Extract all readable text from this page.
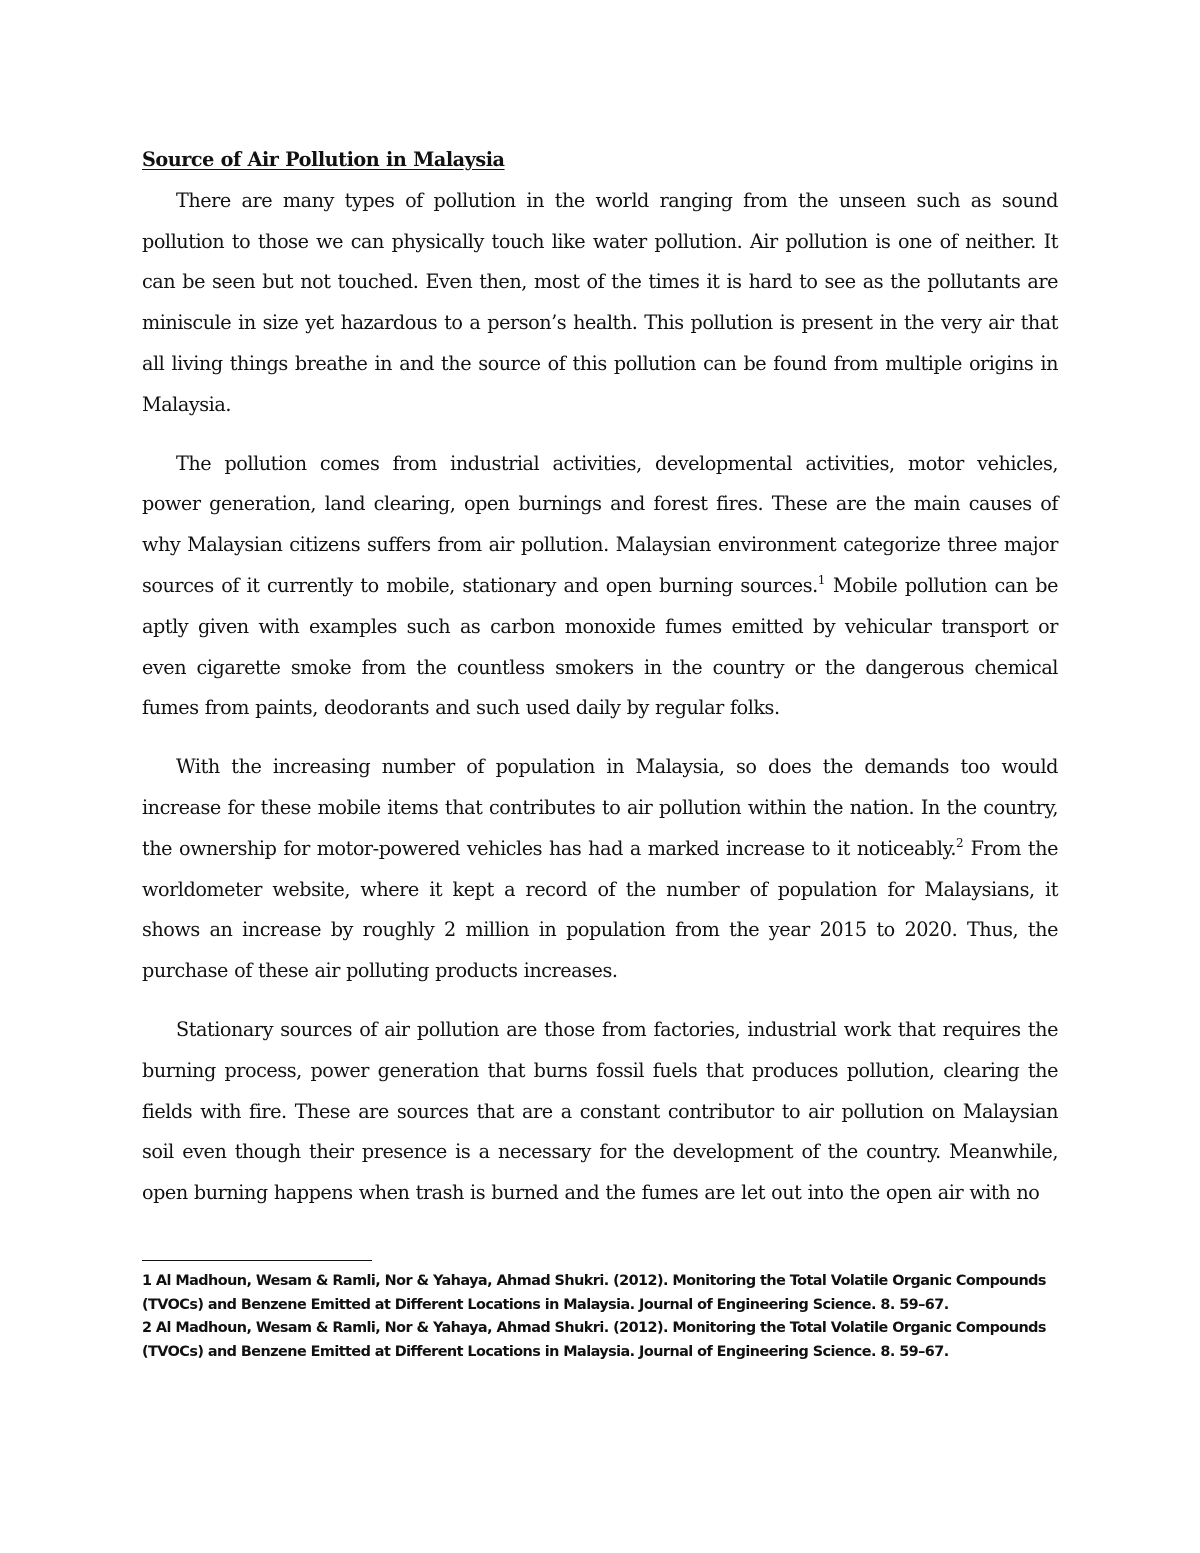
Source of Air Pollution in Malaysia

There are many types of pollution in the world ranging from the unseen such as sound pollution to those we can physically touch like water pollution. Air pollution is one of neither. It can be seen but not touched. Even then, most of the times it is hard to see as the pollutants are miniscule in size yet hazardous to a person’s health. This pollution is present in the very air that all living things breathe in and the source of this pollution can be found from multiple origins in Malaysia.

The pollution comes from industrial activities, developmental activities, motor vehicles, power generation, land clearing, open burnings and forest fires. These are the main causes of why Malaysian citizens suffers from air pollution. Malaysian environment categorize three major sources of it currently to mobile, stationary and open burning sources.$^1$ Mobile pollution can be aptly given with examples such as carbon monoxide fumes emitted by vehicular transport or even cigarette smoke from the countless smokers in the country or the dangerous chemical fumes from paints, deodorants and such used daily by regular folks.

With the increasing number of population in Malaysia, so does the demands too would increase for these mobile items that contributes to air pollution within the nation. In the country, the ownership for motor-powered vehicles has had a marked increase to it noticeably.$^2$ From the worldometer website, where it kept a record of the number of population for Malaysians, it shows an increase by roughly 2 million in population from the year 2015 to 2020. Thus, the purchase of these air polluting products increases.

Stationary sources of air pollution are those from factories, industrial work that requires the burning process, power generation that burns fossil fuels that produces pollution, clearing the fields with fire. These are sources that are a constant contributor to air pollution on Malaysian soil even though their presence is a necessary for the development of the country. Meanwhile, open burning happens when trash is burned and the fumes are let out into the open air with no

1 Al Madhoun, Wesam & Ramli, Nor & Yahaya, Ahmad Shukri. (2012). Monitoring the Total Volatile Organic Compounds (TVOCs) and Benzene Emitted at Different Locations in Malaysia. Journal of Engineering Science. 8. 59–67.

2 Al Madhoun, Wesam & Ramli, Nor & Yahaya, Ahmad Shukri. (2012). Monitoring the Total Volatile Organic Compounds (TVOCs) and Benzene Emitted at Different Locations in Malaysia. Journal of Engineering Science. 8. 59–67.
